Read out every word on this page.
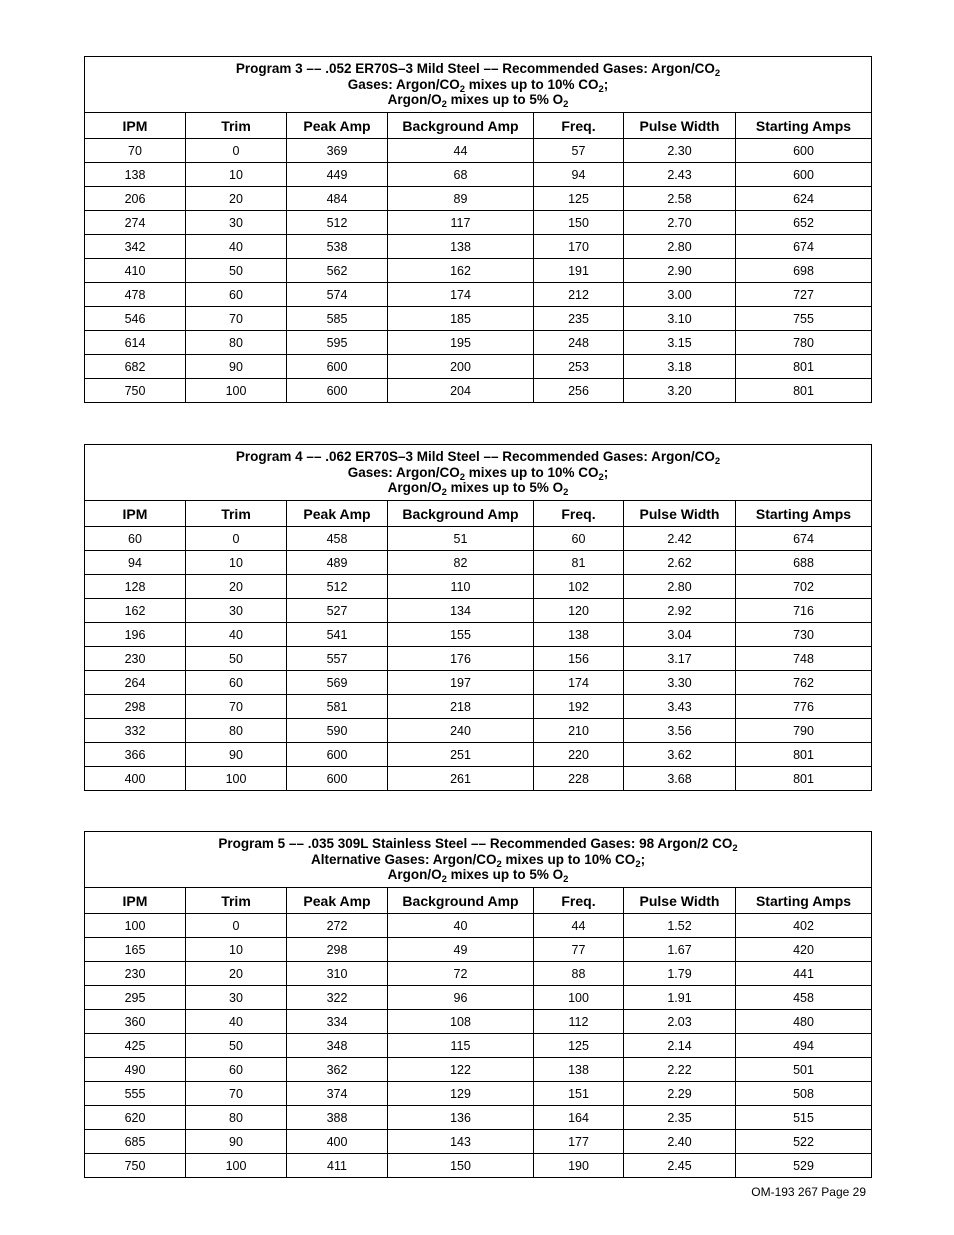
Program 3 –– .052 ER70S–3 Mild Steel –– Recommended Gases: Argon/$CO_2$
Gases: Argon/$CO_2$ mixes up to 10% $CO_2$;
Argon/$O_2$ mixes up to 5% $O_2$

IPM	Trim	Peak Amp	Background Amp	Freq.	Pulse Width	Starting Amps
70	0	369	44	57	2.30	600
138	10	449	68	94	2.43	600
206	20	484	89	125	2.58	624
274	30	512	117	150	2.70	652
342	40	538	138	170	2.80	674
410	50	562	162	191	2.90	698
478	60	574	174	212	3.00	727
546	70	585	185	235	3.10	755
614	80	595	195	248	3.15	780
682	90	600	200	253	3.18	801
750	100	600	204	256	3.20	801
Program 4 –– .062 ER70S–3 Mild Steel –– Recommended Gases: Argon/$CO_2$
Gases: Argon/$CO_2$ mixes up to 10% $CO_2$;
Argon/$O_2$ mixes up to 5% $O_2$

IPM	Trim	Peak Amp	Background Amp	Freq.	Pulse Width	Starting Amps
60	0	458	51	60	2.42	674
94	10	489	82	81	2.62	688
128	20	512	110	102	2.80	702
162	30	527	134	120	2.92	716
196	40	541	155	138	3.04	730
230	50	557	176	156	3.17	748
264	60	569	197	174	3.30	762
298	70	581	218	192	3.43	776
332	80	590	240	210	3.56	790
366	90	600	251	220	3.62	801
400	100	600	261	228	3.68	801
Program 5 –– .035 309L Stainless Steel –– Recommended Gases: 98 Argon/2 $CO_2$
Alternative Gases: Argon/$CO_2$ mixes up to 10% $CO_2$;
Argon/$O_2$ mixes up to 5% $O_2$

IPM	Trim	Peak Amp	Background Amp	Freq.	Pulse Width	Starting Amps
100	0	272	40	44	1.52	402
165	10	298	49	77	1.67	420
230	20	310	72	88	1.79	441
295	30	322	96	100	1.91	458
360	40	334	108	112	2.03	480
425	50	348	115	125	2.14	494
490	60	362	122	138	2.22	501
555	70	374	129	151	2.29	508
620	80	388	136	164	2.35	515
685	90	400	143	177	2.40	522
750	100	411	150	190	2.45	529
OM-193 267 Page 29
